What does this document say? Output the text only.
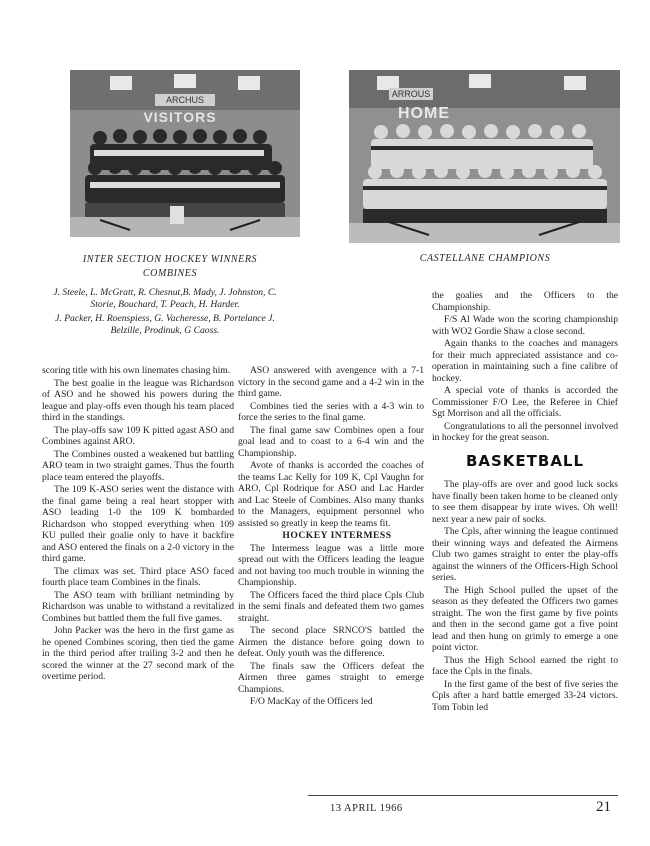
ARCHUS
VISITORS
ARROUS
HOME
INTER SECTION HOCKEY WINNERS
COMBINES
CASTELLANE CHAMPIONS

J. Steele, L. McGratt, R. Chesnut,B. Mady, J. Johnston, C. Storie, Bouchard, T. Peach, H. Harder.

J. Packer, H. Roenspiess, G. Vacheresse, B. Portelance J. Belzille, Prodinuk, G Caoss.

scoring title with his own linemates chasing him.

The best goalie in the league was Richardson of ASO and he showed his powers during the league and play-offs even though his team placed third in the standings.

The play-offs saw 109 K pitted agast ASO and Combines against ARO.

The Combines ousted a weakened but battling ARO team in two straight games. Thus the fourth place team entered the playoffs.

The 109 K-ASO series went the distance with the final game being a real heart stopper with ASO leading 1-0 the 109 K bombarded Richardson who stopped everything when 109 KU pulled their goalie only to have it backfire and ASO entered the finals on a 2-0 victory in the third game.

The climax was set. Third place ASO faced fourth place team Combines in the finals.

The ASO team with brilliant netminding by Richardson was unable to withstand a revitalized Combines but battled them the full five games.

John Packer was the hero in the first game as he opened Combines scoring, then tied the game in the third period after trailing 3-2 and then he scored the winner at the 27 second mark of the overtime period.

ASO answered with avengence with a 7-1 victory in the second game and a 4-2 win in the third game.

Combines tied the series with a 4-3 win to force the series to the final game.

The final game saw Combines open a four goal lead and to coast to a 6-4 win and the Championship.

Avote of thanks is accorded the coaches of the teams Lac Kelly for 109 K, Cpl Vaughn for ARO, Cpl Rodrique for ASO and Lac Harder and Lac Steele of Combines. Also many thanks to the Managers, equipment personnel who assisted so greatly in keep the teams fit.

HOCKEY INTERMESS

The Intermess league was a little more spread out with the Officers leading the league and not having too much trouble in winning the Championship.

The Officers faced the third place Cpls Club in the semi finals and defeated them two games straight.

The second place SRNCO'S battled the Airmen the distance before going down to defeat. Only youth was the difference.

The finals saw the Officers defeat the Airmen three games straight to emerge Champions.

F/O MacKay of the Officers led

the goalies and the Officers to the Championship.

F/S Al Wade won the scoring championship with WO2 Gordie Shaw a close second.

Again thanks to the coaches and managers for their much appreciated assistance and co-operation in maintaining such a fine calibre of hockey.

A special vote of thanks is accorded the Commissioner F/O Lee, the Referee in Chief Sgt Morrison and all the officials.

Congratulations to all the personnel involved in hockey for the great season.

BASKETBALL

The play-offs are over and good luck socks have finally been taken home to be cleaned only to see them disappear by irate wives. Oh well! next year a new pair of socks.

The Cpls, after winning the league continued their winning ways and defeated the Airmens Club two games straight to enter the play-offs against the winners of the Officers-High School series.

The High School pulled the upset of the season as they defeated the Officers two games straight. The won the first game by five points and then in the second game got a five point lead and then hung on grimly to emerge a one point victor.

Thus the High School earned the right to face the Cpls in the finals.

In the first game of the best of five series the Cpls after a hard battle emerged 33-24 victors. Tom Tobin led

13 APRIL 1966	21
